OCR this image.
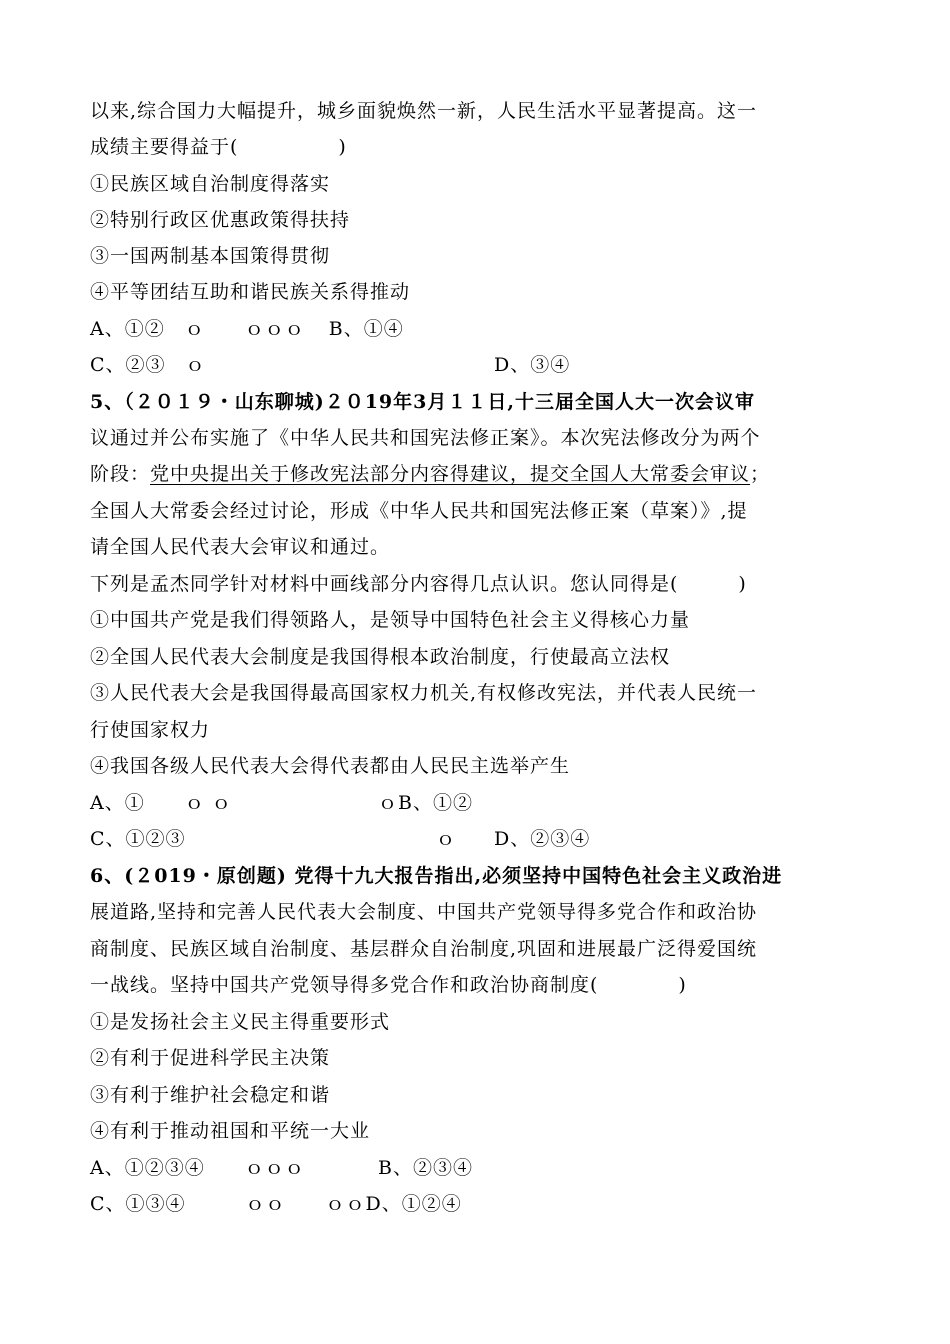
以来,综合国力大幅提升，城乡面貌焕然一新，人民生活水平显著提高。这一
成绩主要得益于(　　　　　)
①民族区域自治制度得落实
②特别行政区优惠政策得扶持
③一国两制基本国策得贯彻
④平等团结互助和谐民族关系得推动
A、①②　ｏ　　ｏｏｏ B、①④
C、②③　ｏ	D、③④
5、（２０１９・山东聊城)２０19年3月１１日,十三届全国人大一次会议审
议通过并公布实施了《中华人民共和国宪法修正案》。本次宪法修改分为两个
阶段：党中央提出关于修改宪法部分内容得建议，提交全国人大常委会审议；
全国人大常委会经过讨论，形成《中华人民共和国宪法修正案（草案）》,提
请全国人民代表大会审议和通过。
下列是孟杰同学针对材料中画线部分内容得几点认识。您认同得是(　　　)
①中国共产党是我们得领路人，是领导中国特色社会主义得核心力量
②全国人民代表大会制度是我国得根本政治制度，行使最高立法权
③人民代表大会是我国得最高国家权力机关,有权修改宪法，并代表人民统一
行使国家权力
④我国各级人民代表大会得代表都由人民民主选举产生
A、①　　ｏ ｏ	ｏB、①②
C、①②③	ｏ D、②③④
6、(２019・原创题) 党得十九大报告指出,必须坚持中国特色社会主义政治进
展道路,坚持和完善人民代表大会制度、中国共产党领导得多党合作和政治协
商制度、民族区域自治制度、基层群众自治制度,巩固和进展最广泛得爱国统
一战线。坚持中国共产党领导得多党合作和政治协商制度(　　　　)
①是发扬社会主义民主得重要形式
②有利于促进科学民主决策
③有利于维护社会稳定和谐
④有利于推动祖国和平统一大业
A、①②③④　　ｏｏｏ	B、②③④
C、①③④　　　ｏｏ　　ｏｏD、①②④
